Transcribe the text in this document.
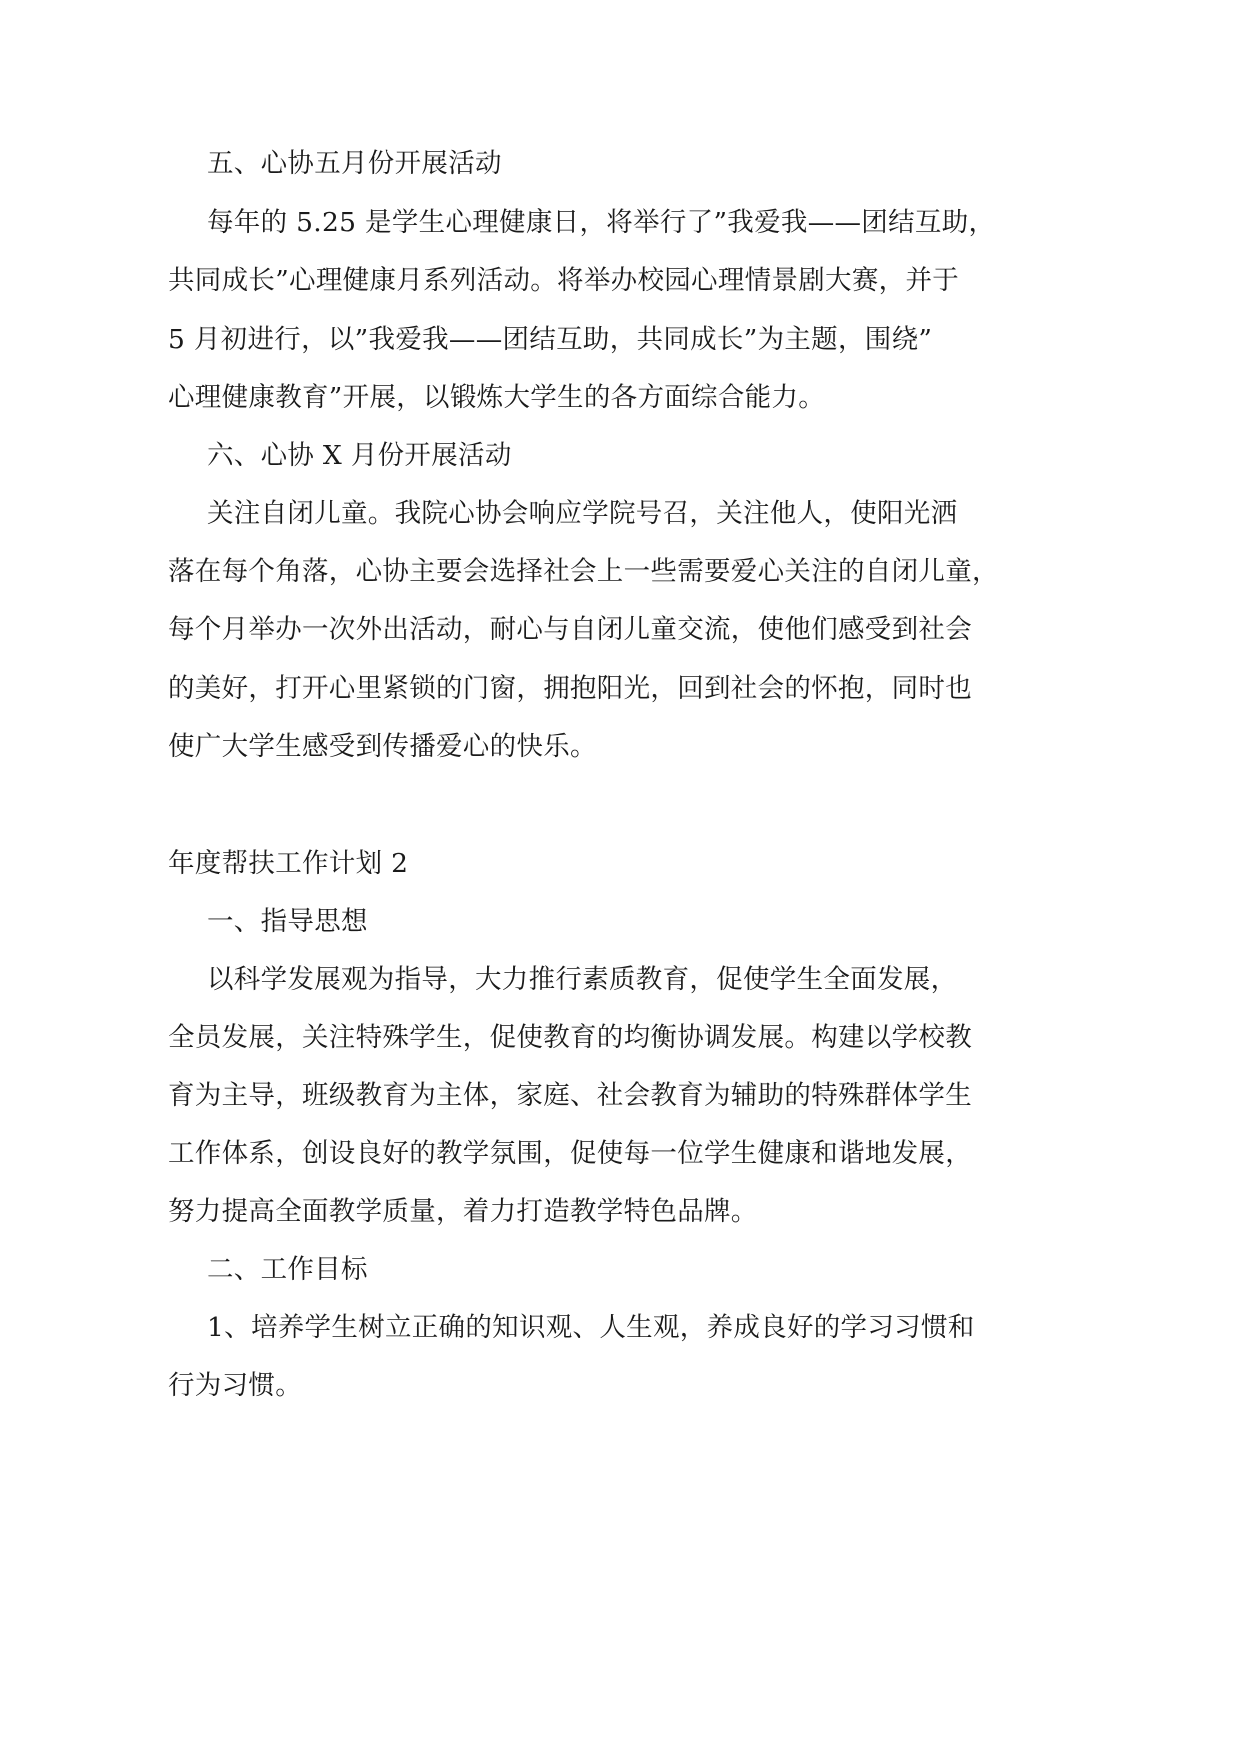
五、心协五月份开展活动
每年的 5.25 是学生心理健康日，将举行了”我爱我——团结互助，
共同成长”心理健康月系列活动。将举办校园心理情景剧大赛，并于
5 月初进行，以”我爱我——团结互助，共同成长”为主题，围绕”
心理健康教育”开展，以锻炼大学生的各方面综合能力。
六、心协 X 月份开展活动
关注自闭儿童。我院心协会响应学院号召，关注他人，使阳光洒
落在每个角落，心协主要会选择社会上一些需要爱心关注的自闭儿童，
每个月举办一次外出活动，耐心与自闭儿童交流，使他们感受到社会
的美好，打开心里紧锁的门窗，拥抱阳光，回到社会的怀抱，同时也
使广大学生感受到传播爱心的快乐。
年度帮扶工作计划 2
一、指导思想
以科学发展观为指导，大力推行素质教育，促使学生全面发展，
全员发展，关注特殊学生，促使教育的均衡协调发展。构建以学校教
育为主导，班级教育为主体，家庭、社会教育为辅助的特殊群体学生
工作体系，创设良好的教学氛围，促使每一位学生健康和谐地发展，
努力提高全面教学质量，着力打造教学特色品牌。
二、工作目标
1、培养学生树立正确的知识观、人生观，养成良好的学习习惯和
行为习惯。
